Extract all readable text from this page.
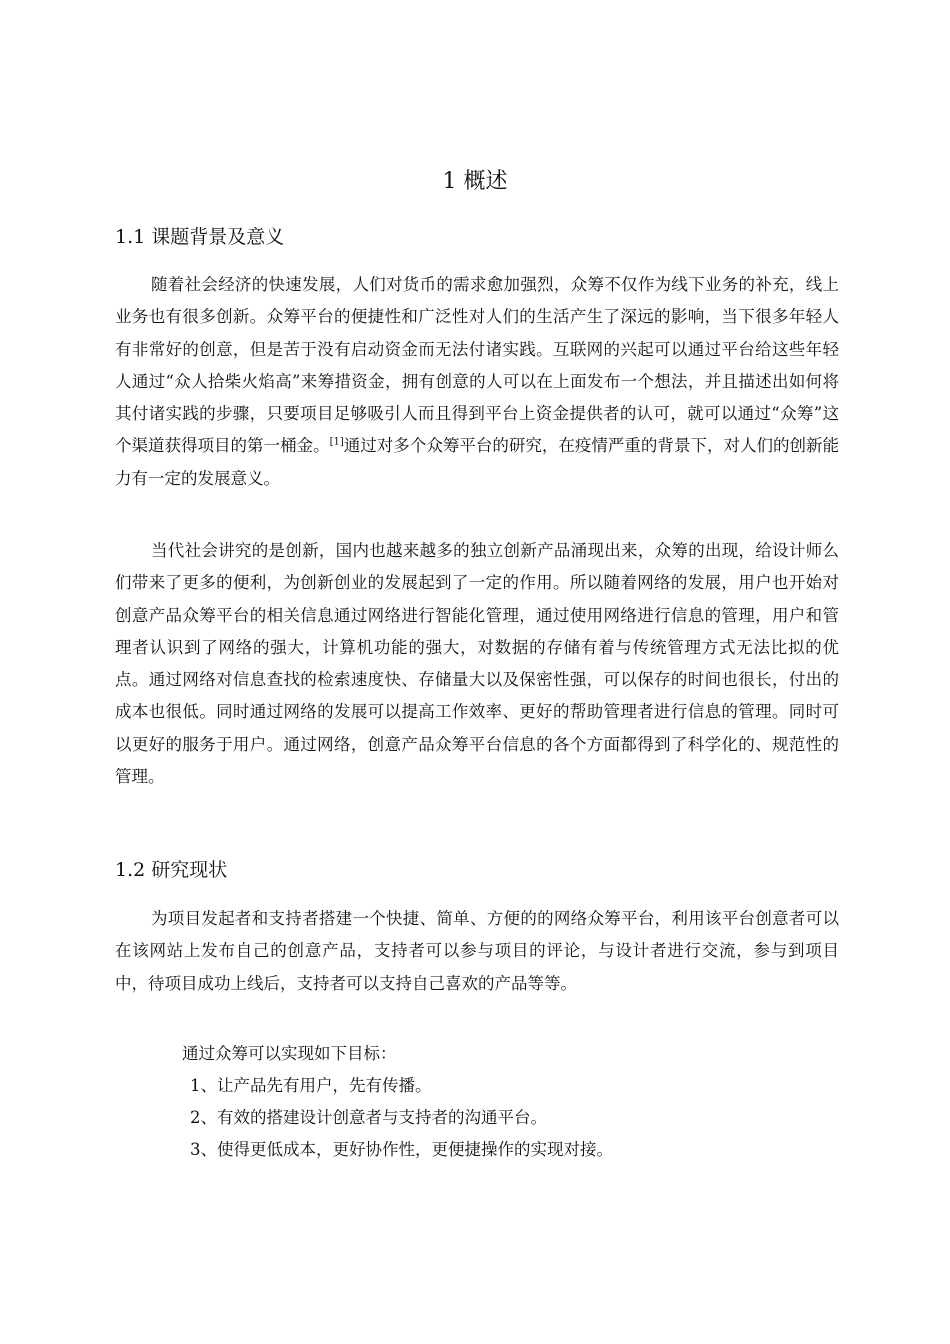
1 概述
1.1 课题背景及意义

随着社会经济的快速发展，人们对货币的需求愈加强烈，众筹不仅作为线下业务的补充，线上业务也有很多创新。众筹平台的便捷性和广泛性对人们的生活产生了深远的影响，当下很多年轻人有非常好的创意，但是苦于没有启动资金而无法付诸实践。互联网的兴起可以通过平台给这些年轻人通过“众人拾柴火焰高”来筹措资金，拥有创意的人可以在上面发布一个想法，并且描述出如何将其付诸实践的步骤，只要项目足够吸引人而且得到平台上资金提供者的认可，就可以通过“众筹”这个渠道获得项目的第一桶金。[1]通过对多个众筹平台的研究，在疫情严重的背景下，对人们的创新能力有一定的发展意义。

当代社会讲究的是创新，国内也越来越多的独立创新产品涌现出来，众筹的出现，给设计师么们带来了更多的便利，为创新创业的发展起到了一定的作用。所以随着网络的发展，用户也开始对创意产品众筹平台的相关信息通过网络进行智能化管理，通过使用网络进行信息的管理，用户和管理者认识到了网络的强大，计算机功能的强大，对数据的存储有着与传统管理方式无法比拟的优点。通过网络对信息查找的检索速度快、存储量大以及保密性强，可以保存的时间也很长，付出的成本也很低。同时通过网络的发展可以提高工作效率、更好的帮助管理者进行信息的管理。同时可以更好的服务于用户。通过网络，创意产品众筹平台信息的各个方面都得到了科学化的、规范性的管理。

1.2 研究现状

为项目发起者和支持者搭建一个快捷、简单、方便的的网络众筹平台，利用该平台创意者可以在该网站上发布自己的创意产品，支持者可以参与项目的评论，与设计者进行交流，参与到项目中，待项目成功上线后，支持者可以支持自己喜欢的产品等等。

通过众筹可以实现如下目标：
1、让产品先有用户，先有传播。
2、有效的搭建设计创意者与支持者的沟通平台。
3、使得更低成本，更好协作性，更便捷操作的实现对接。
